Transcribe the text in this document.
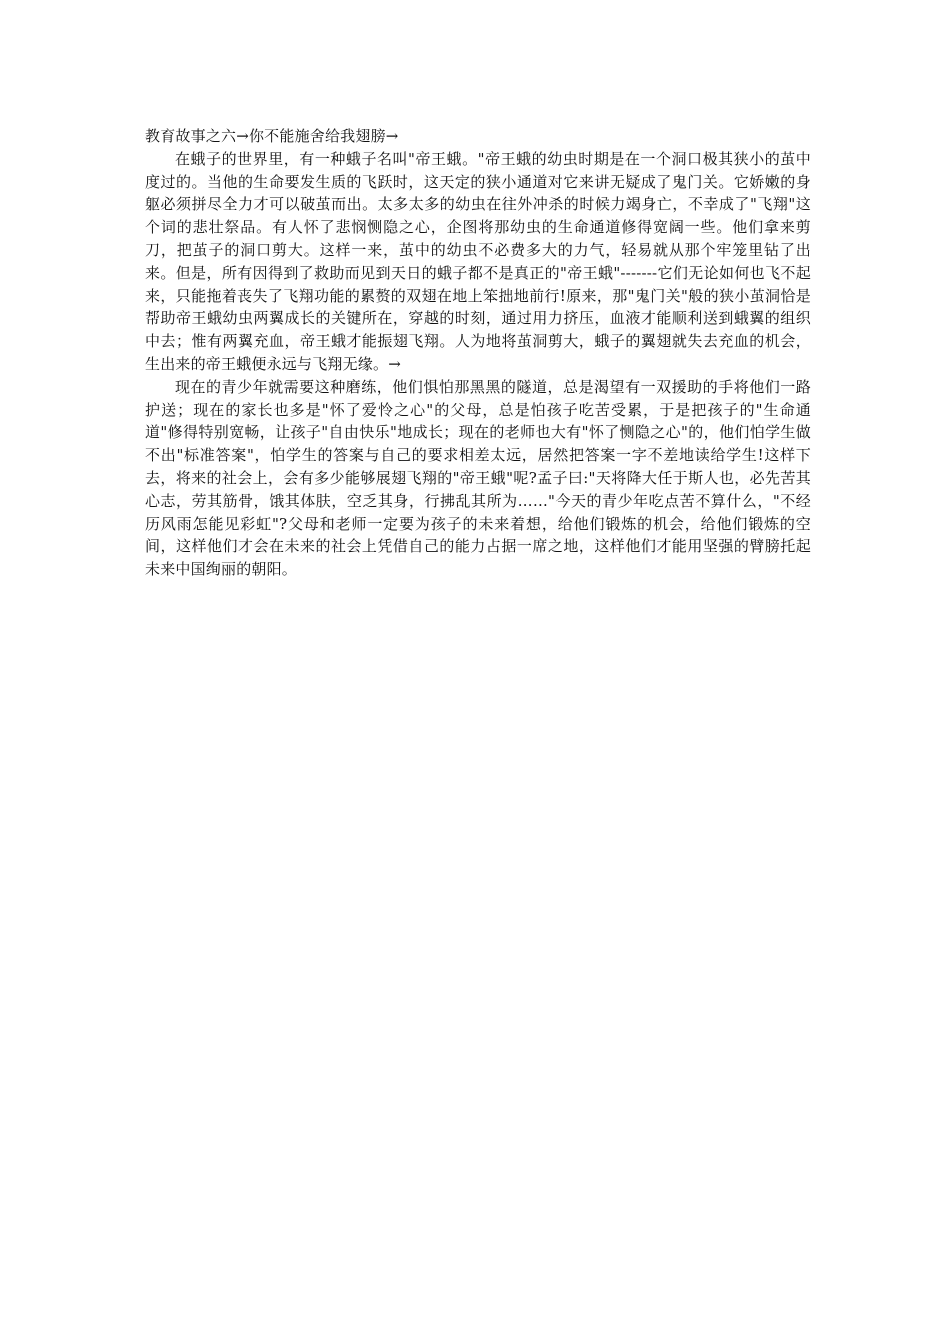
教育故事之六→你不能施舍给我翅膀→

在蛾子的世界里，有一种蛾子名叫"帝王蛾。"帝王蛾的幼虫时期是在一个洞口极其狭小的茧中度过的。当他的生命要发生质的飞跃时，这天定的狭小通道对它来讲无疑成了鬼门关。它娇嫩的身躯必须拼尽全力才可以破茧而出。太多太多的幼虫在往外冲杀的时候力竭身亡，不幸成了"飞翔"这个词的悲壮祭品。有人怀了悲悯恻隐之心，企图将那幼虫的生命通道修得宽阔一些。他们拿来剪刀，把茧子的洞口剪大。这样一来，茧中的幼虫不必费多大的力气，轻易就从那个牢笼里钻了出来。但是，所有因得到了救助而见到天日的蛾子都不是真正的"帝王蛾"-------它们无论如何也飞不起来，只能拖着丧失了飞翔功能的累赘的双翅在地上笨拙地前行!原来，那"鬼门关"般的狭小茧洞恰是帮助帝王蛾幼虫两翼成长的关键所在，穿越的时刻，通过用力挤压，血液才能顺利送到蛾翼的组织中去；惟有两翼充血，帝王蛾才能振翅飞翔。人为地将茧洞剪大，蛾子的翼翅就失去充血的机会，生出来的帝王蛾便永远与飞翔无缘。→

现在的青少年就需要这种磨练，他们惧怕那黑黑的隧道，总是渴望有一双援助的手将他们一路护送；现在的家长也多是"怀了爱怜之心"的父母，总是怕孩子吃苦受累，于是把孩子的"生命通道"修得特别宽畅，让孩子"自由快乐"地成长；现在的老师也大有"怀了恻隐之心"的，他们怕学生做不出"标准答案"，怕学生的答案与自己的要求相差太远，居然把答案一字不差地读给学生!这样下去，将来的社会上，会有多少能够展翅飞翔的"帝王蛾"呢?孟子曰:"天将降大任于斯人也，必先苦其心志，劳其筋骨，饿其体肤，空乏其身，行拂乱其所为……"今天的青少年吃点苦不算什么，"不经历风雨怎能见彩虹"?父母和老师一定要为孩子的未来着想，给他们锻炼的机会，给他们锻炼的空间，这样他们才会在未来的社会上凭借自己的能力占据一席之地，这样他们才能用坚强的臂膀托起未来中国绚丽的朝阳。
